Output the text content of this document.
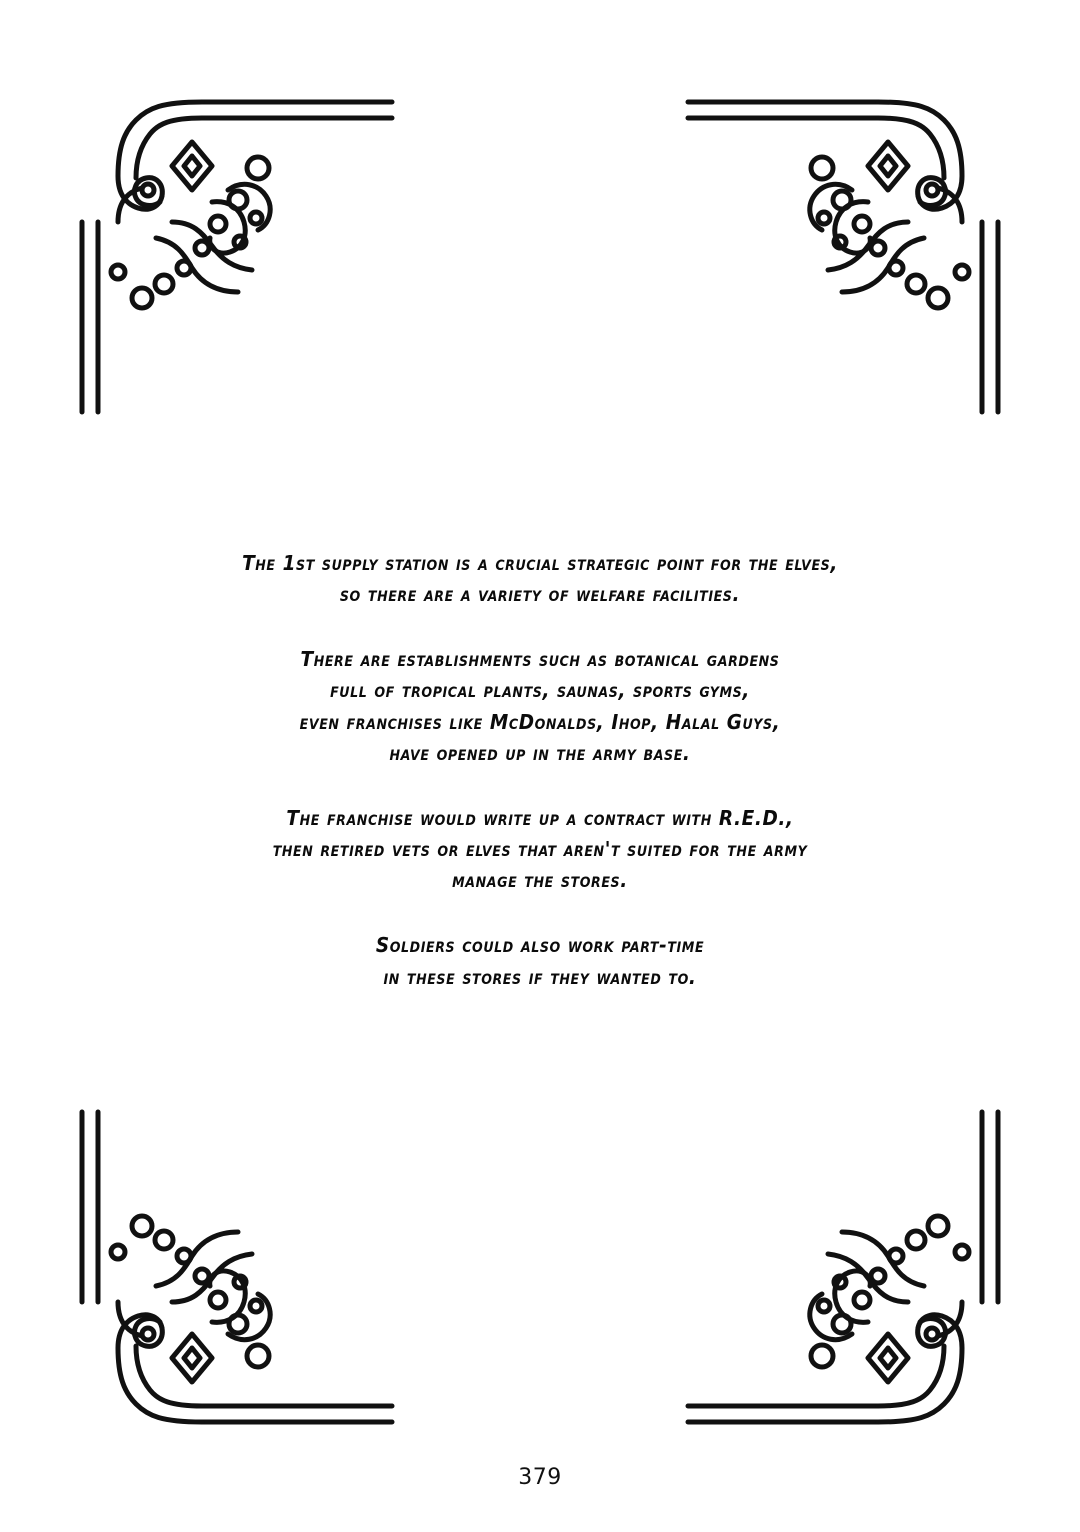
The 1st supply station is a crucial strategic point for the elves,
so there are a variety of welfare facilities.

There are establishments such as botanical gardens
full of tropical plants, saunas, sports gyms,
even franchises like McDonalds, Ihop, Halal Guys,
have opened up in the army base.

The franchise would write up a contract with R.E.D.,
then retired vets or elves that aren't suited for the army
manage the stores.

Soldiers could also work part-time
in these stores if they wanted to.

379
